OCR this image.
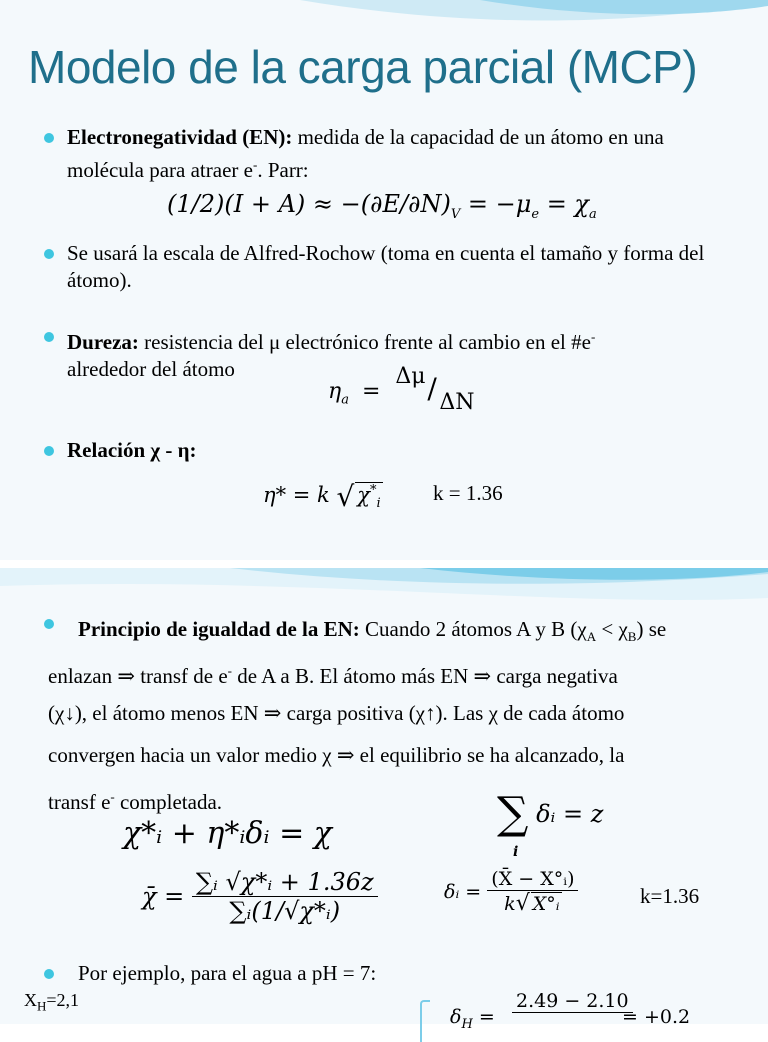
Modelo de la carga parcial (MCP)
Electronegatividad (EN): medida de la capacidad de un átomo en una molécula para atraer e-. Parr:
$(1/2)(I + A) \approx -(\partial E/\partial N)_V = -\mu_e = \chi_a$
Se usará la escala de Alfred-Rochow (toma en cuenta el tamaño y forma del átomo).
Dureza: resistencia del μ electrónico frente al cambio en el #e-
alrededor del átomo
$\eta_a$ =
Δμ / ΔN
Relación χ - η:
η* = k √ $\chi^*_i$ k = 1.36
Principio de igualdad de la EN: Cuando 2 átomos A y B $(\chi_A < \chi_B)$ se
enlazan ⇒ transf de e- de A a B. El átomo más EN ⇒ carga negativa
(χ↓), el átomo menos EN ⇒ carga positiva (χ↑). Las χ de cada átomo
convergen hacia un valor medio χ ⇒ el equilibrio se ha alcanzado, la
transf e- completada.
χ*ᵢ + η*ᵢδᵢ = χ	∑ δᵢ = z
i
χ̄ = $\frac{\text{∑ᵢ √χ*ᵢ + 1.36z}}{\text{∑ᵢ(1/√χ*ᵢ)}}$	δᵢ = $\frac{\text{(X̄ − X°ᵢ)}}{\text{k√ X°ᵢ}}$	k=1.36
Por ejemplo, para el agua a pH = 7:
$X_H=2,1$
$\delta_H$ =
2.49 − 2.10
= +0.2
